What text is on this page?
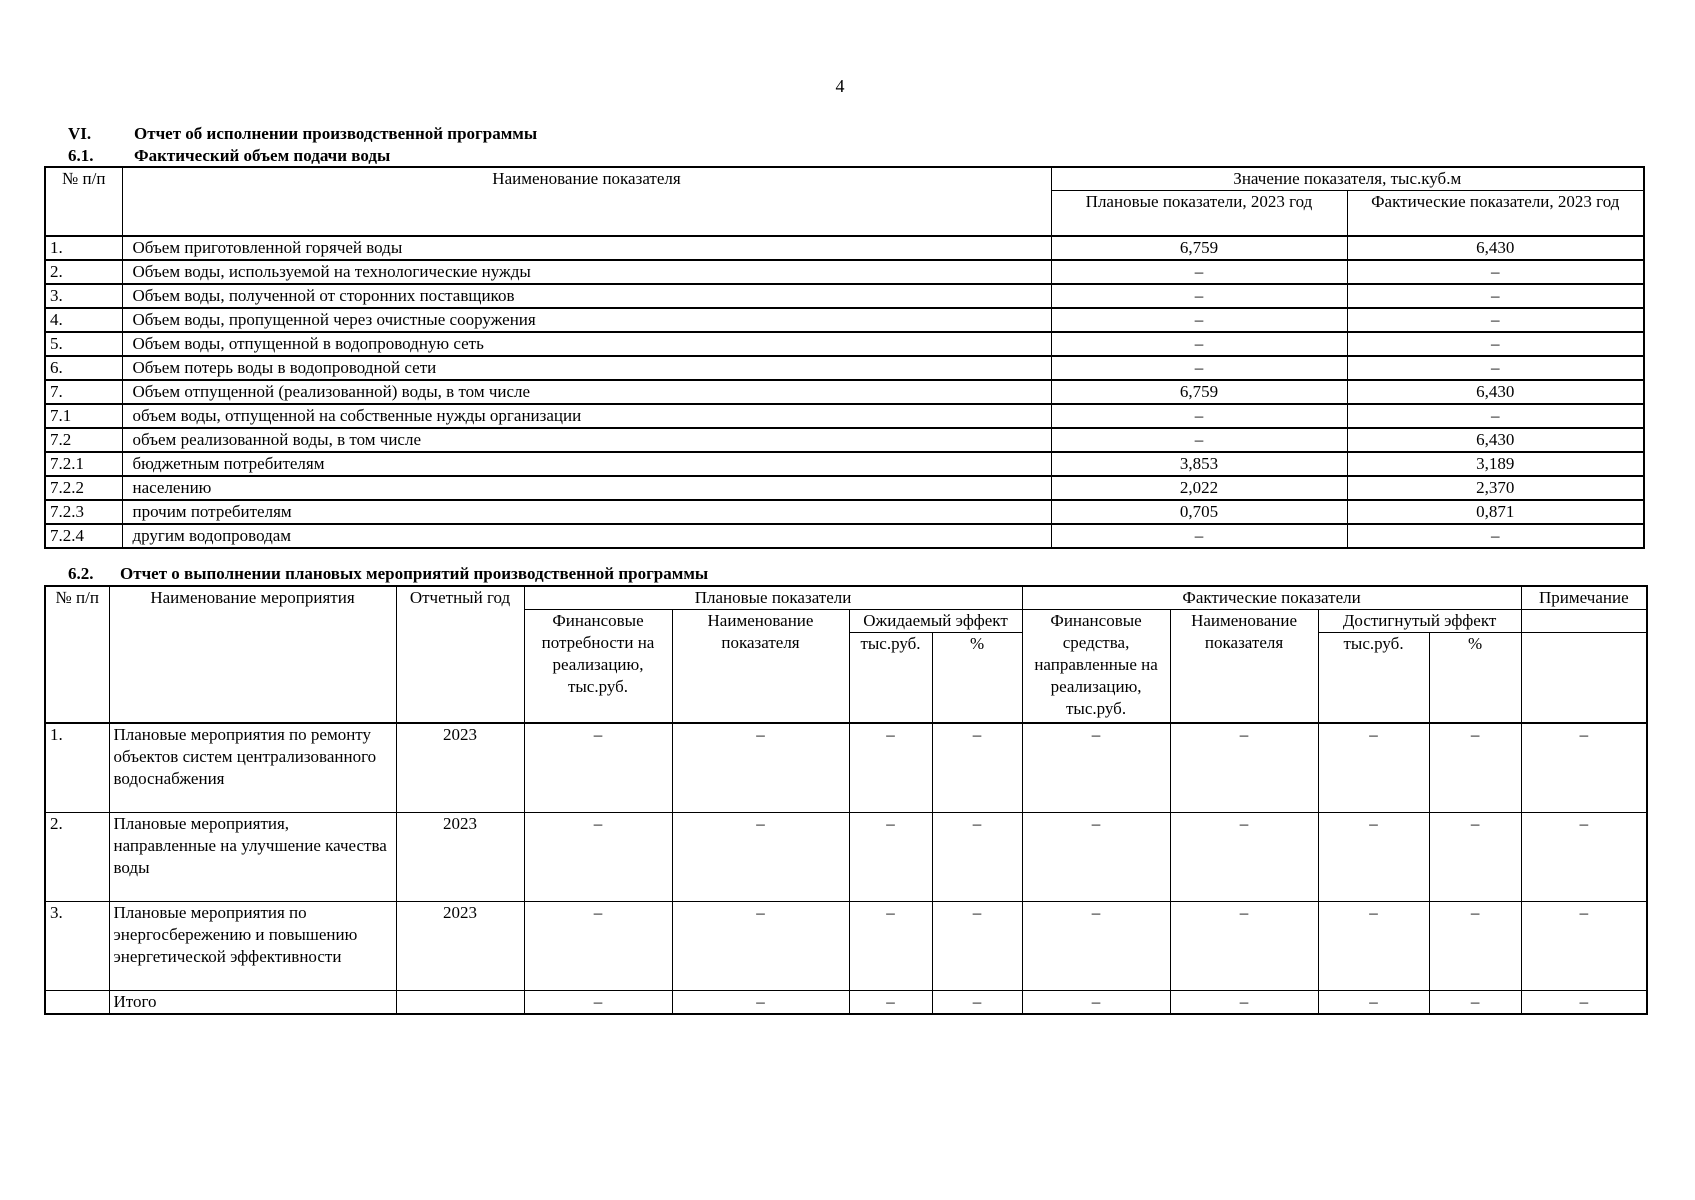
4
VI.	Отчет об исполнении производственной программы
6.1. Фактический объем подачи воды
№ п/п	Наименование показателя	Значение показателя, тыс.куб.м	
		Плановые показатели, 2023 год	Фактические показатели, 2023 год
1.	Объем приготовленной горячей воды	6,759	6,430
2.	Объем воды, используемой на технологические нужды	–	–
3.	Объем воды, полученной от сторонних поставщиков	–	–
4.	Объем воды, пропущенной через очистные сооружения	–	–
5.	Объем воды, отпущенной в водопроводную сеть	–	–
6.	Объем потерь воды в водопроводной сети	–	–
7.	Объем отпущенной (реализованной) воды, в том числе	6,759	6,430
7.1	объем воды, отпущенной на собственные нужды организации	–	–
7.2	объем реализованной воды, в том числе	–	6,430
7.2.1	бюджетным потребителям	3,853	3,189
7.2.2	населению	2,022	2,370
7.2.3	прочим потребителям	0,705	0,871
7.2.4	другим водопроводам	–	–
6.2. Отчет о выполнении плановых мероприятий производственной программы
№ п/п	Наименование мероприятия	Отчетный год	Плановые показатели				Фактические показатели				Примечание
			Финансовые потребности на реализацию, тыс.руб.	Наименование показателя	Ожидаемый эффект		Финансовые средства, направленные на реализацию, тыс.руб.	Наименование показателя	Достигнутый эффект		
					тыс.руб.	%			тыс.руб.	%	
1.	Плановые мероприятия по ремонту объектов систем централизованного водоснабжения	2023	–	–	–	–	–	–	–	–	–
2.	Плановые мероприятия, направленные на улучшение качества воды	2023	–	–	–	–	–	–	–	–	–
3.	Плановые мероприятия по энергосбережению и повышению энергетической эффективности	2023	–	–	–	–	–	–	–	–	–
	Итого		–	–	–	–	–	–	–	–	–
